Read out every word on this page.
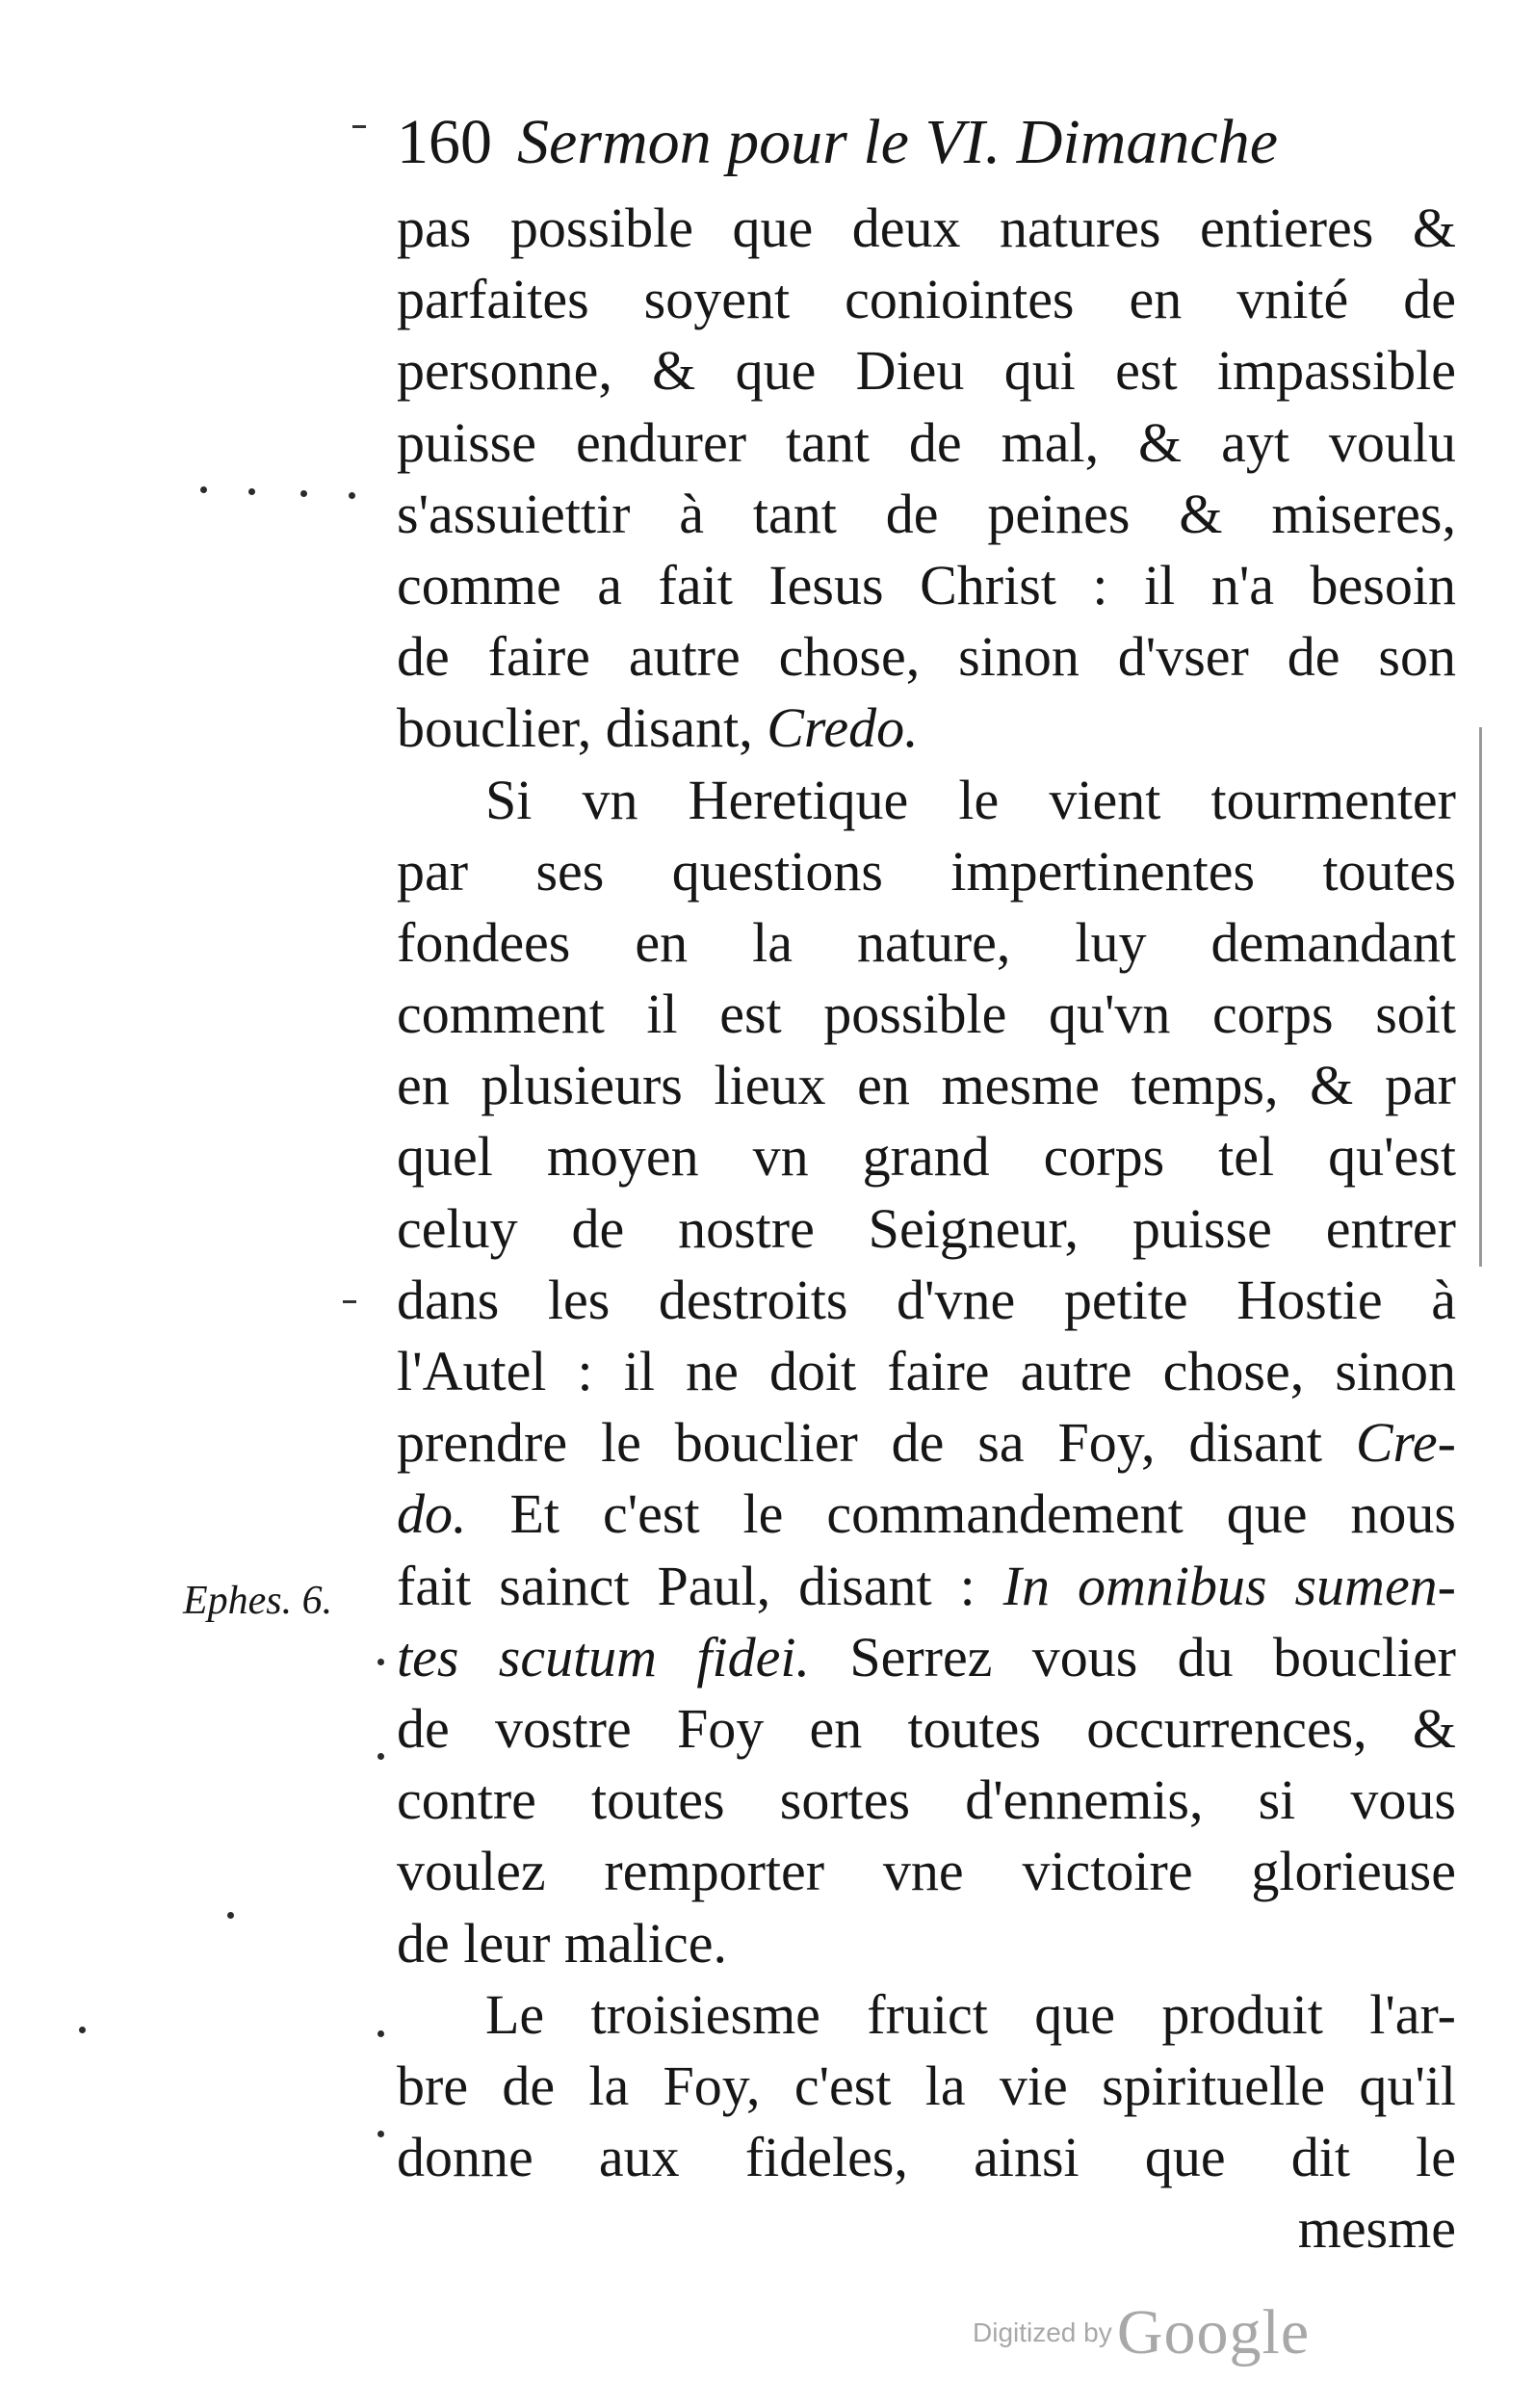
160 Sermon pour le VI. Dimanche
pas possible que deux natures entieres &
parfaites soyent coniointes en vnité de
personne, & que Dieu qui est impassible
puisse endurer tant de mal, & ayt voulu
s'assuiettir à tant de peines & miseres,
comme a fait Iesus Christ : il n'a besoin
de faire autre chose, sinon d'vser de son
bouclier, disant, Credo.
Si vn Heretique le vient tourmenter
par ses questions impertinentes toutes
fondees en la nature, luy demandant
comment il est possible qu'vn corps soit
en plusieurs lieux en mesme temps, & par
quel moyen vn grand corps tel qu'est
celuy de nostre Seigneur, puisse entrer
dans les destroits d'vne petite Hostie à
l'Autel : il ne doit faire autre chose, sinon
prendre le bouclier de sa Foy, disant Cre-
do. Et c'est le commandement que nous
fait sainct Paul, disant : In omnibus sumen-
tes scutum fidei. Serrez vous du bouclier
de vostre Foy en toutes occurrences, &
contre toutes sortes d'ennemis, si vous
voulez remporter vne victoire glorieuse
de leur malice.
Le troisiesme fruict que produit l'ar-
bre de la Foy, c'est la vie spirituelle qu'il
donne aux fideles, ainsi que dit le
mesme
Ephes. 6.
Digitized by Google
